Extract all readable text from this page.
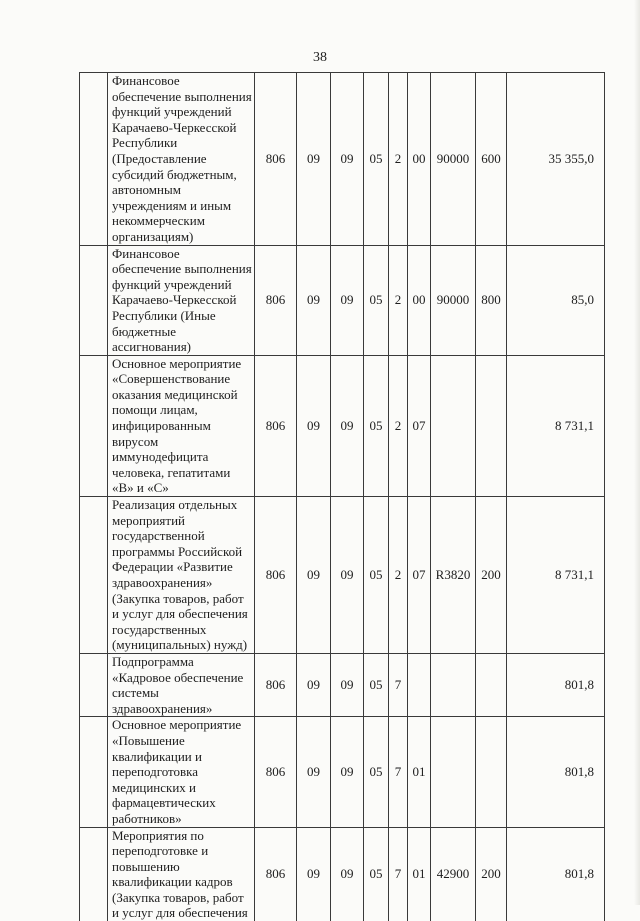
38
	Финансовое обеспечение выполнения функций учреждений Карачаево-Черкесской Республики (Предоставление субсидий бюджетным, автономным учреждениям и иным некоммерческим организациям)	806	09	09	05	2	00	90000	600	35 355,0
	Финансовое обеспечение выполнения функций учреждений Карачаево-Черкесской Республики (Иные бюджетные ассигнования)	806	09	09	05	2	00	90000	800	85,0
	Основное мероприятие «Совершенствование оказания медицинской помощи лицам, инфицированным вирусом иммунодефицита человека, гепатитами «В» и «С»	806	09	09	05	2	07			8 731,1
	Реализация отдельных мероприятий государственной программы Российской Федерации «Развитие здравоохранения» (Закупка товаров, работ и услуг для обеспечения государственных (муниципальных) нужд)	806	09	09	05	2	07	R3820	200	8 731,1
	Подпрограмма «Кадровое обеспечение системы здравоохранения»	806	09	09	05	7				801,8
	Основное мероприятие «Повышение квалификации и переподготовка медицинских и фармацевтических работников»	806	09	09	05	7	01			801,8
	Мероприятия по переподготовке и повышению квалификации кадров (Закупка товаров, работ и услуг для обеспечения	806	09	09	05	7	01	42900	200	801,8
